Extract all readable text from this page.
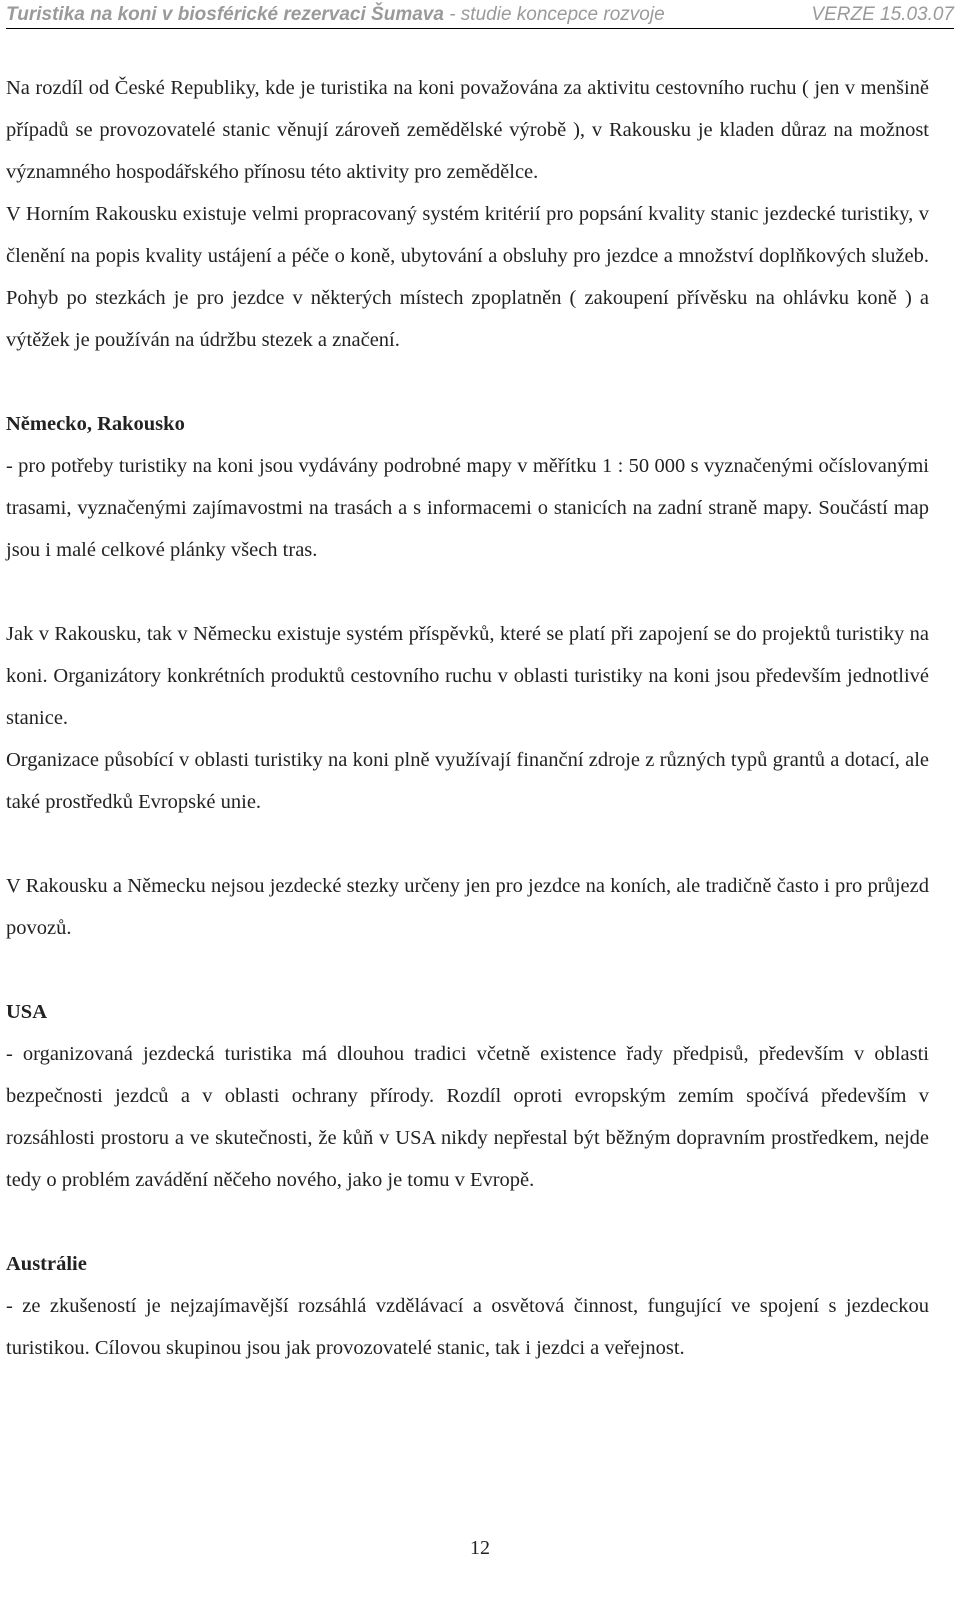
Turistika na koni v biosférické rezervaci Šumava - studie koncepce rozvoje	VERZE 15.03.07

Na rozdíl od České Republiky, kde je turistika na koni považována za aktivitu cestovního ruchu ( jen v menšině případů se provozovatelé stanic věnují zároveň zemědělské výrobě ), v Rakousku je kladen důraz na možnost významného hospodářského přínosu této aktivity pro zemědělce.

V Horním Rakousku existuje velmi propracovaný systém kritérií pro popsání kvality stanic jezdecké turistiky, v členění na popis kvality ustájení a péče o koně, ubytování a obsluhy pro jezdce a množství doplňkových služeb. Pohyb po stezkách je pro jezdce v některých místech zpoplatněn ( zakoupení přívěsku na ohlávku koně ) a výtěžek je používán na údržbu stezek a značení.

Německo, Rakousko

- pro potřeby turistiky na koni jsou vydávány podrobné mapy v měřítku 1 : 50 000 s vyznačenými očíslovanými trasami, vyznačenými zajímavostmi na trasách a s informacemi o stanicích na zadní straně mapy. Součástí map jsou i malé celkové plánky všech tras.

Jak v Rakousku, tak v Německu existuje systém příspěvků, které se platí při zapojení se do projektů turistiky na koni. Organizátory konkrétních produktů cestovního ruchu v oblasti turistiky na koni jsou především jednotlivé stanice.

Organizace působící v oblasti turistiky na koni plně využívají finanční zdroje z různých typů grantů a dotací, ale také prostředků Evropské unie.

V Rakousku a Německu nejsou jezdecké stezky určeny jen pro jezdce na koních, ale tradičně často i pro průjezd povozů.

USA

- organizovaná jezdecká turistika má dlouhou tradici včetně existence řady předpisů, především v oblasti bezpečnosti jezdců a v oblasti ochrany přírody. Rozdíl oproti evropským zemím spočívá především v rozsáhlosti prostoru a ve skutečnosti, že kůň v USA nikdy nepřestal být běžným dopravním prostředkem, nejde tedy o problém zavádění něčeho nového, jako je tomu v Evropě.

Austrálie

- ze zkušeností je nejzajímavější rozsáhlá vzdělávací a osvětová činnost, fungující ve spojení s jezdeckou turistikou. Cílovou skupinou jsou jak provozovatelé stanic, tak i jezdci a veřejnost.

12
